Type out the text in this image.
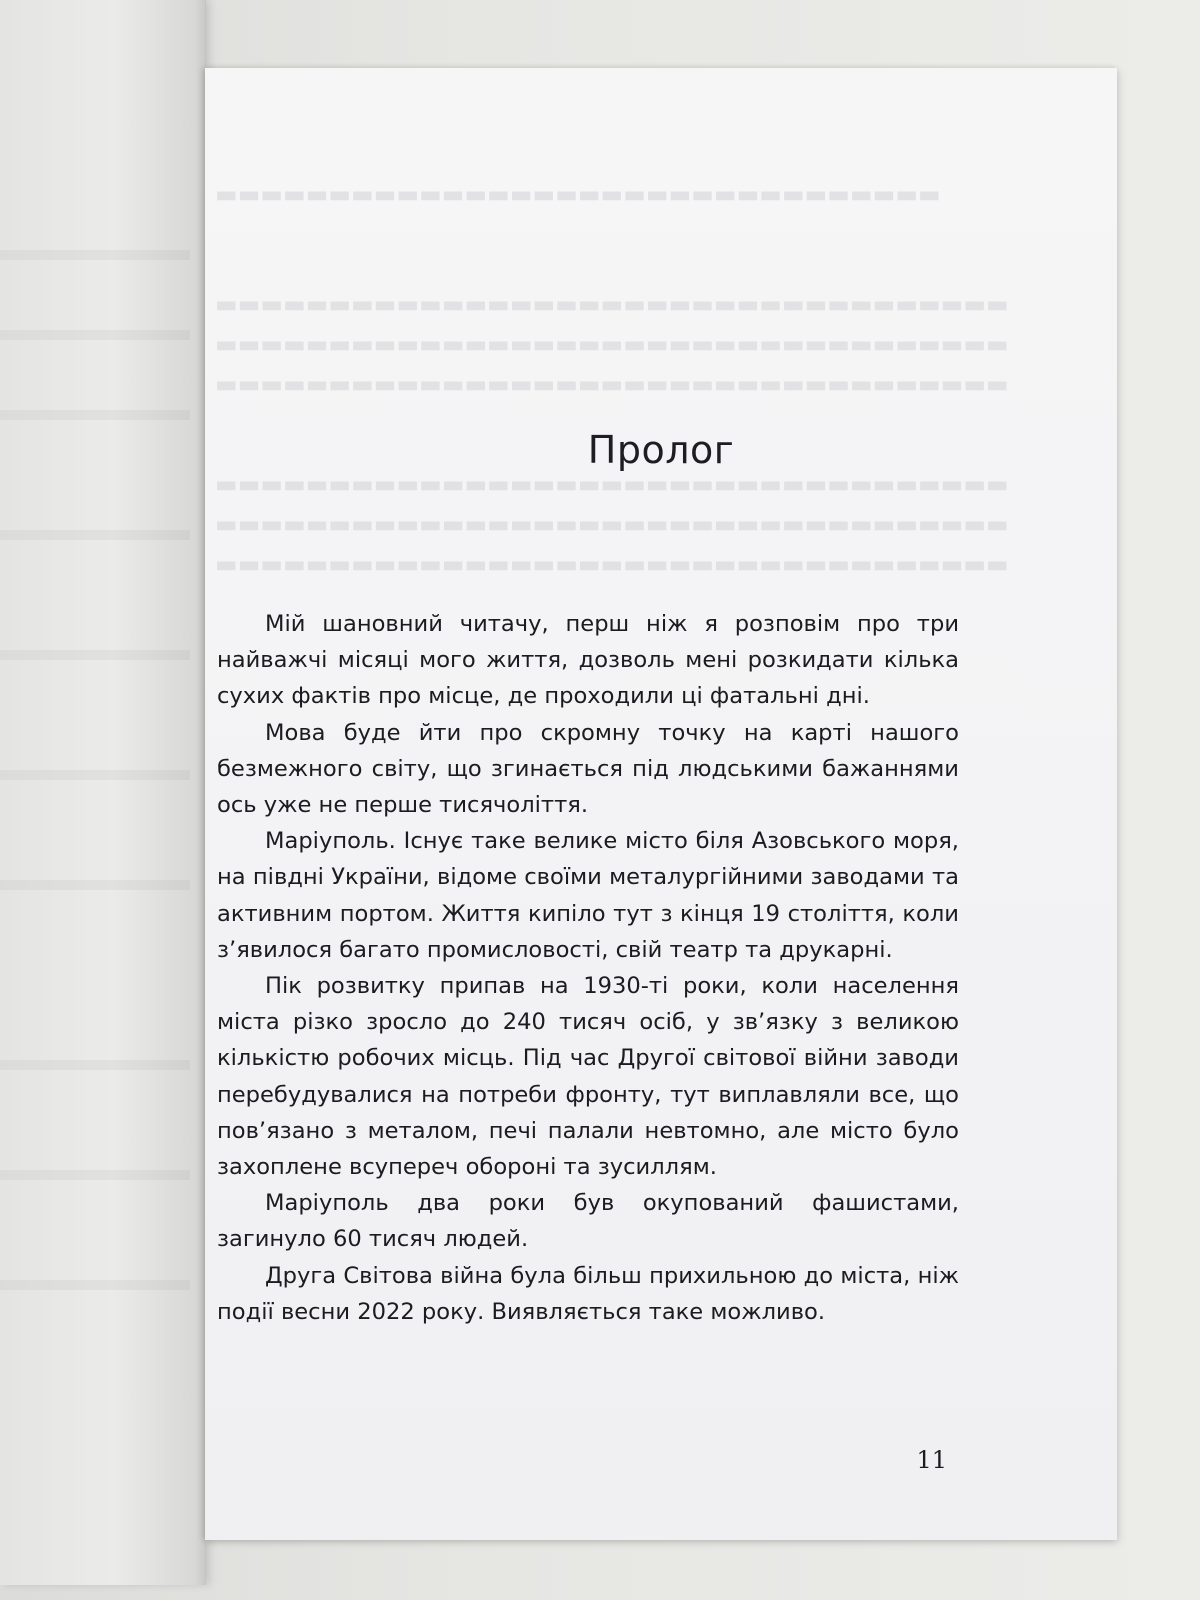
▬▬▬▬▬▬▬▬▬▬▬▬▬▬▬▬▬▬▬▬▬▬▬▬▬▬▬▬▬▬▬▬
▬▬▬▬▬▬▬▬▬▬▬▬▬▬▬▬▬▬▬▬▬▬▬▬▬▬▬▬▬▬▬▬▬▬▬
▬▬▬▬▬▬▬▬▬▬▬▬▬▬▬▬▬▬▬▬▬▬▬▬▬▬▬▬▬▬▬▬▬▬▬
▬▬▬▬▬▬▬▬▬▬▬▬▬▬▬▬▬▬▬▬▬▬▬▬▬▬▬▬▬▬▬▬▬▬▬
▬▬▬▬▬▬▬▬▬▬▬▬▬▬▬▬▬▬▬▬▬▬▬▬▬▬▬▬▬▬▬▬▬▬▬
▬▬▬▬▬▬▬▬▬▬▬▬▬▬▬▬▬▬▬▬▬▬▬▬▬▬▬▬▬▬▬▬▬▬▬
▬▬▬▬▬▬▬▬▬▬▬▬▬▬▬▬▬▬▬▬▬▬▬▬▬▬▬▬▬▬▬▬▬▬▬
Пролог

Мій шановний читачу, перш ніж я розповім про три найважчі місяці мого життя, дозволь мені розкидати кілька сухих фактів про місце, де проходили ці фатальні дні.

Мова буде йти про скромну точку на карті нашого безмежного світу, що згинається під людськими бажаннями ось уже не перше тисячоліття.

Маріуполь. Існує таке велике місто біля Азовського моря, на півдні України, відоме своїми металургійними заводами та активним портом. Життя кипіло тут з кінця 19 століття, коли з’явилося багато промисловості, свій театр та друкарні.

Пік розвитку припав на 1930-ті роки, коли населення міста різко зросло до 240 тисяч осіб, у зв’язку з великою кількістю робочих місць. Під час Другої світової війни заводи перебудувалися на потреби фронту, тут виплавляли все, що пов’язано з металом, печі палали невтомно, але місто було захоплене всупереч обороні та зусиллям.

Маріуполь два роки був окупований фашистами, загинуло 60 тисяч людей.

Друга Світова війна була більш прихильною до міста, ніж події весни 2022 року. Виявляється таке можливо.

11
